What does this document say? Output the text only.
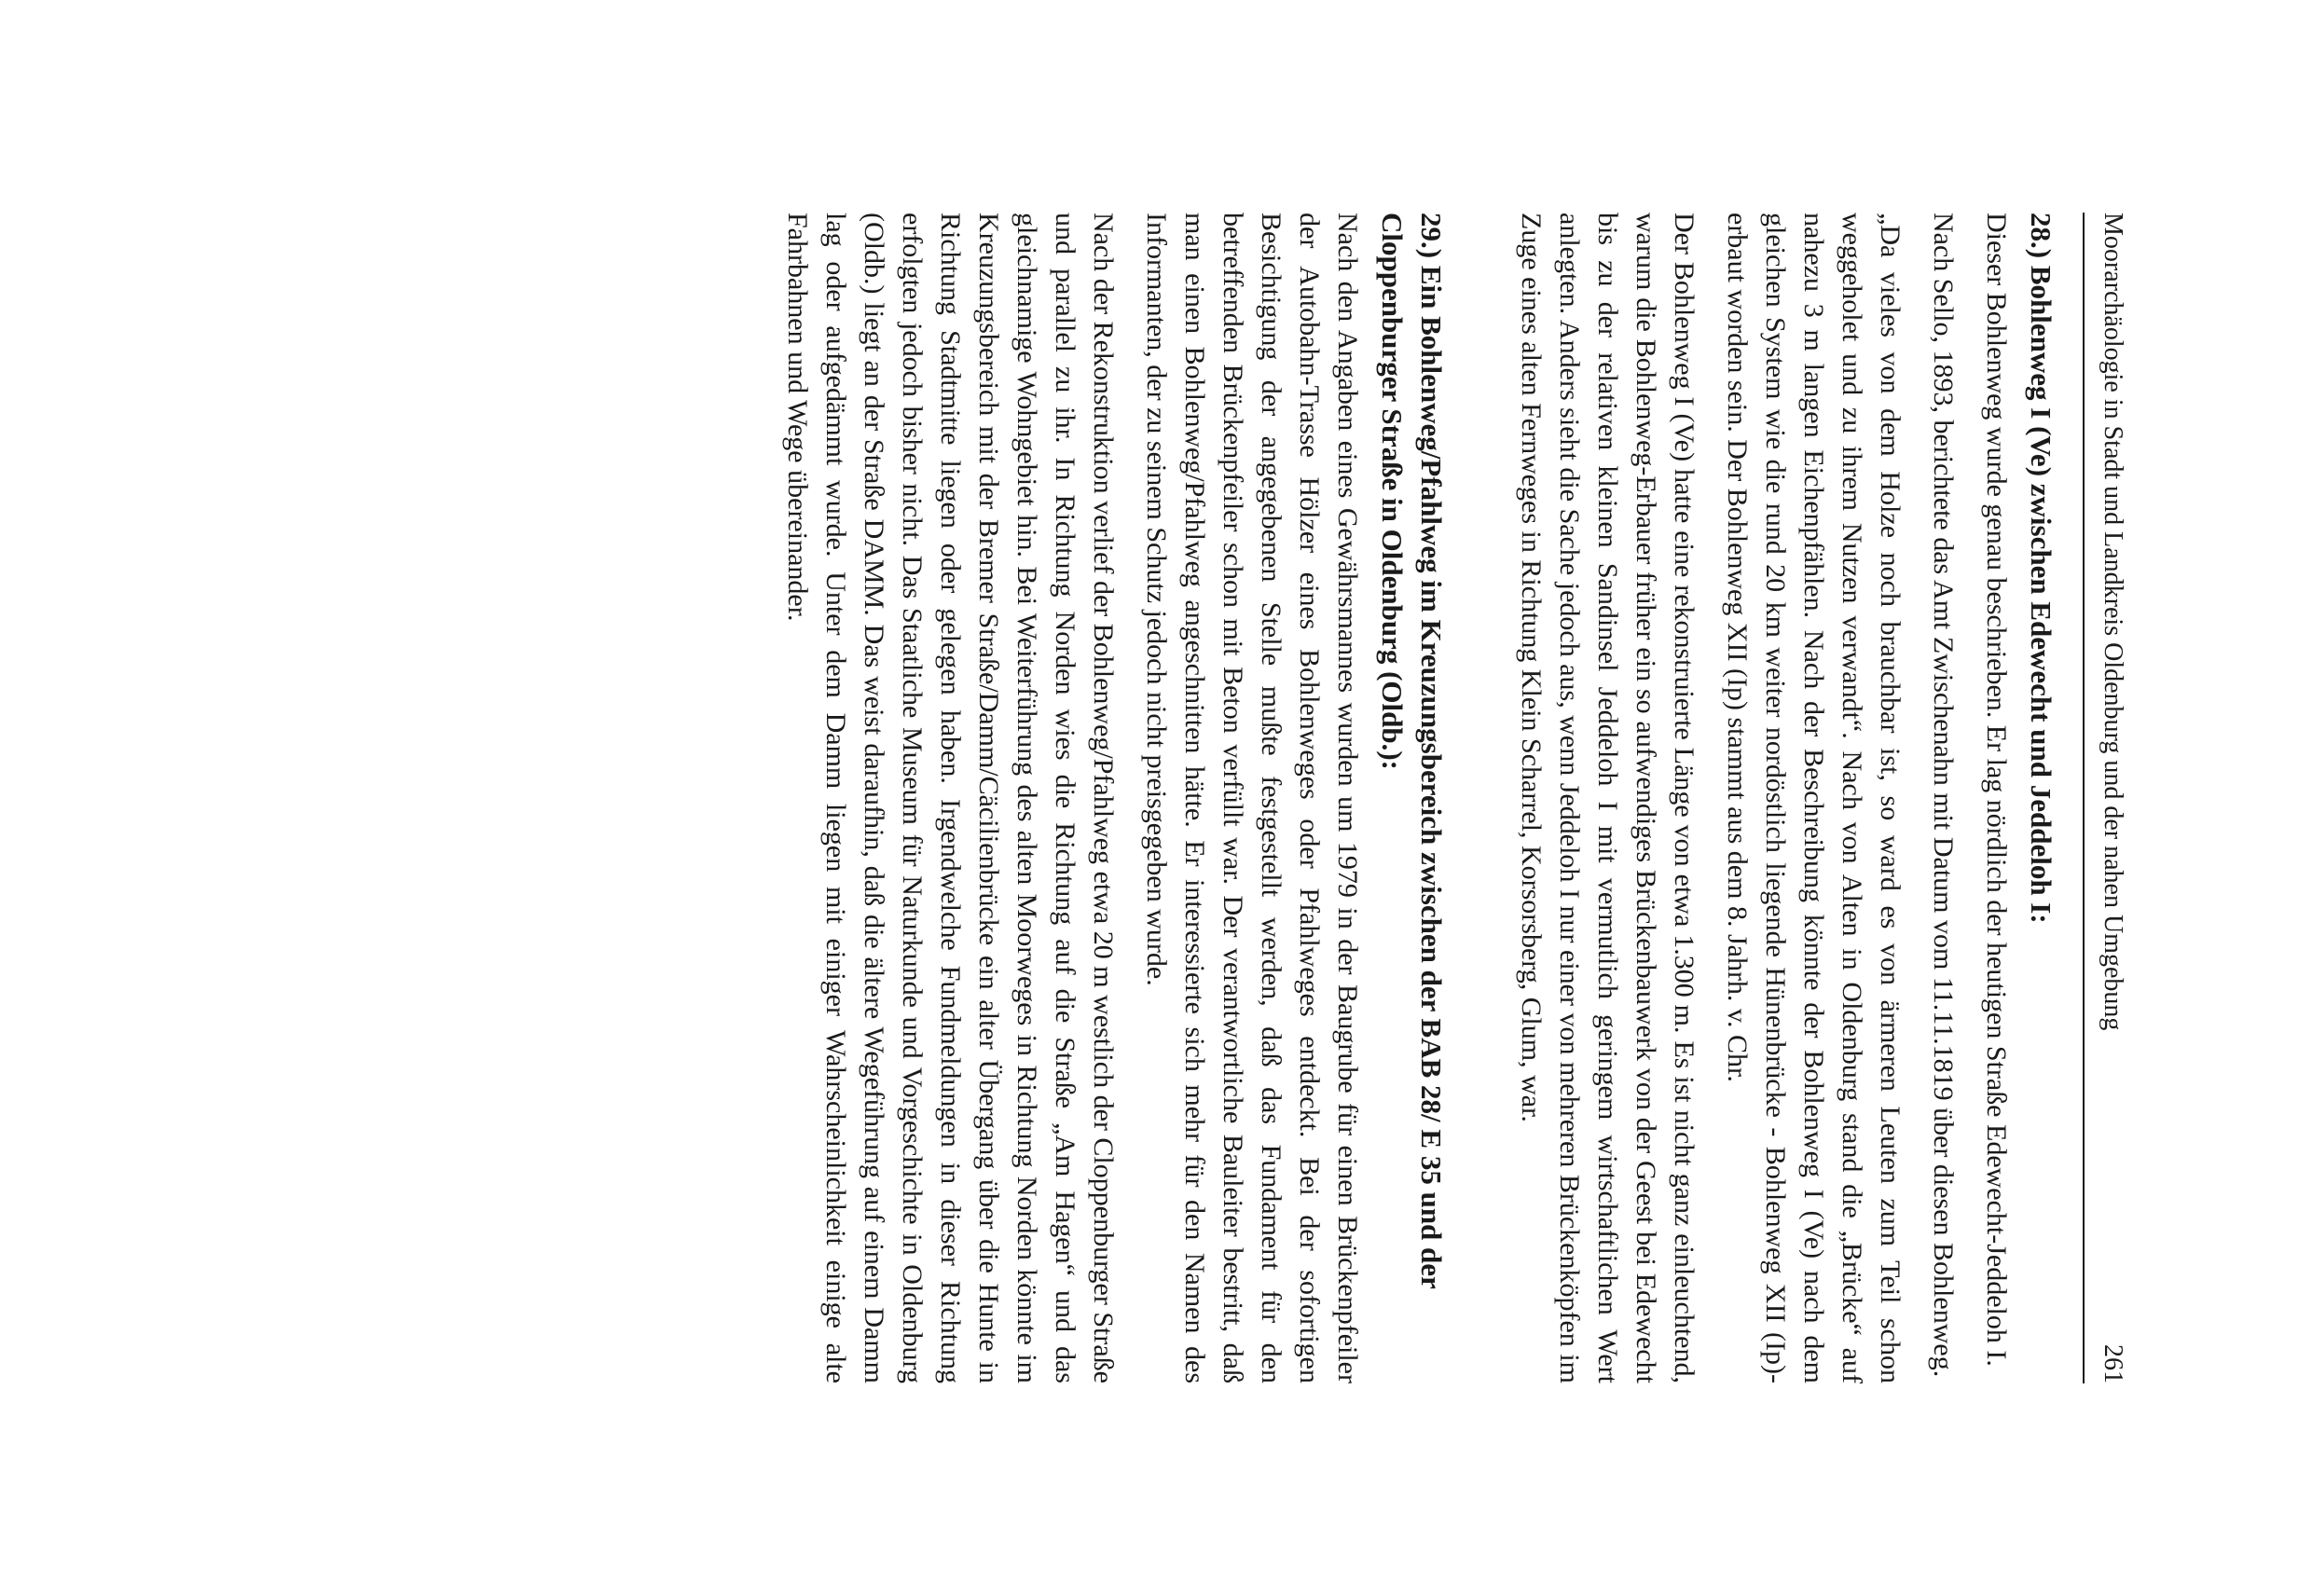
Moorarchäologie in Stadt und Landkreis Oldenburg und der nahen Umgebung
261
28.) Bohlenweg I (Ve) zwischen Edewecht und Jeddeloh I:

Dieser Bohlenweg wurde genau beschrieben. Er lag nördlich der heutigen Straße Edewecht-Jeddeloh I.

Nach Sello, 1893, berichtete das Amt Zwischenahn mit Datum vom 11.11.1819 über diesen Bohlenweg.

„Da vieles von dem Holze noch brauchbar ist, so ward es von ärmeren Leuten zum Teil schon weggeholet und zu ihrem Nutzen verwandt“. Nach von Alten in Oldenburg stand die „Brücke“ auf nahezu 3 m langen Eichenpfählen. Nach der Beschreibung könnte der Bohlenweg I (Ve) nach dem gleichen System wie die rund 20 km weiter nordöstlich liegende Hünenbrücke - Bohlenweg XII (Ip)- erbaut worden sein. Der Bohlenweg XII (Ip) stammt aus dem 8. Jahrh. v. Chr.

Der Bohlenweg I (Ve) hatte eine rekonstruierte Länge von etwa 1.300 m. Es ist nicht ganz einleuchtend, warum die Bohlenweg-Erbauer früher ein so aufwendiges Brückenbauwerk von der Geest bei Edewecht bis zu der relativen kleinen Sandinsel Jeddeloh I mit vermutlich geringem wirtschaftlichen Wert anlegten. Anders sieht die Sache jedoch aus, wenn Jeddeloh I nur einer von mehreren Brückenköpfen im Zuge eines alten Fernweges in Richtung Klein Scharrel, Korsorsberg, Glum, war.

29.) Ein Bohlenweg/Pfahlweg im Kreuzungsbereich zwischen der BAB 28/ E 35 und der Cloppenburger Straße in Oldenburg (Oldb.):

Nach den Angaben eines Gewährsmannes wurden um 1979 in der Baugrube für einen Brückenpfeiler der Autobahn-Trasse Hölzer eines Bohlenweges oder Pfahlweges entdeckt. Bei der sofortigen Besichtigung der angegebenen Stelle mußte festgestellt werden, daß das Fundament für den betreffenden Brückenpfeiler schon mit Beton verfüllt war. Der verantwortliche Bauleiter bestritt, daß man einen Bohlenweg/Pfahlweg angeschnitten hätte. Er interessierte sich mehr für den Namen des Informanten, der zu seinem Schutz jedoch nicht preisgegeben wurde.

Nach der Rekonstruktion verlief der Bohlenweg/Pfahlweg etwa 20 m westlich der Cloppenburger Straße und parallel zu ihr. In Richtung Norden wies die Richtung auf die Straße „Am Hagen“ und das gleichnamige Wohngebiet hin. Bei Weiterführung des alten Moorweges in Richtung Norden könnte im Kreuzungsbereich mit der Bremer Straße/Damm/Cäcilienbrücke ein alter Übergang über die Hunte in Richtung Stadtmitte liegen oder gelegen haben. Irgendwelche Fundmeldungen in dieser Richtung erfolgten jedoch bisher nicht. Das Staatliche Museum für Naturkunde und Vorgeschichte in Oldenburg (Oldb.) liegt an der Straße DAMM. Das weist daraufhin, daß die ältere Wegeführung auf einem Damm lag oder aufgedämmt wurde. Unter dem Damm liegen mit einiger Wahrscheinlichkeit einige alte Fahrbahnen und Wege übereinander.
